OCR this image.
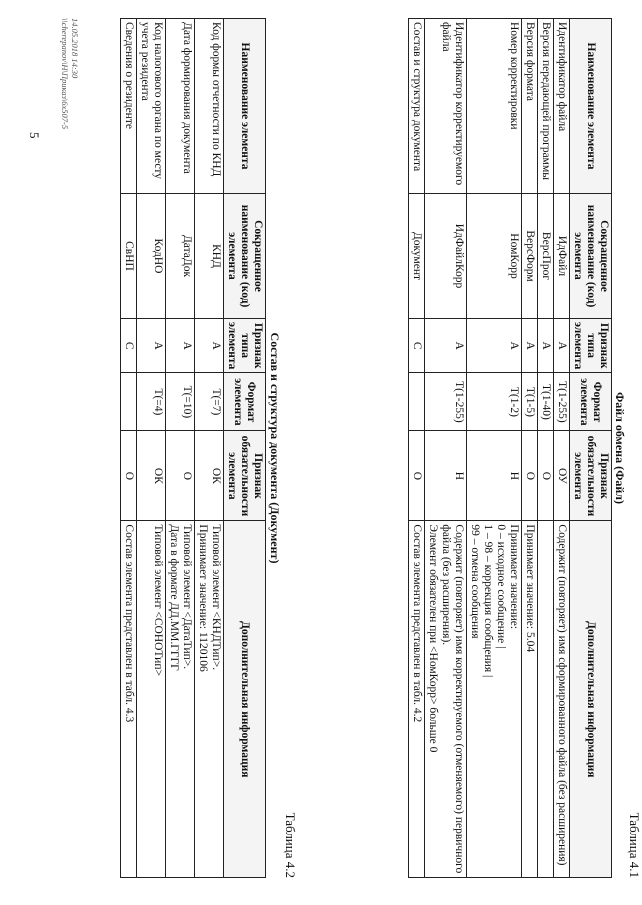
5
Таблица 4.1
Наименование элемента	Сокращенное наименование (код) элемента	Признак типа элемента	Формат элемента	Признак обязательности элемента	Дополнительная информация
Идентификатор файла	ИдФайл	А	Т(1-255)	ОУ	Содержит (повторяет) имя сформированного файла (без расширения)
Версия передающей программы	ВерсПрог	А	Т(1-40)	О	
Версия формата	ВерсФорм	А	Т(1-5)	О	Принимает значение: 5.04
Номер корректировки	НомКорр	А	Т(1-2)	Н	Принимает значение:
0 – исходное сообщение |
1 – 98 – коррекция сообщения |
99 – отмена сообщения
Идентификатор корректируемого файла	ИдФайлКорр	А	Т(1-255)	Н	Содержит (повторяет) имя корректируемого (отменяемого) первичного файла (без расширения).
Элемент обязателен при <НомКорр> больше 0
Состав и структура документа	Документ	С		О	Состав элемента представлен в табл. 4.2
Таблица 4.2
Состав и структура документа (Документ)
Наименование элемента	Сокращенное наименование (код) элемента	Признак типа элемента	Формат элемента	Признак обязательности элемента	Дополнительная информация
Код формы отчетности по КНД	КНД	А	Т(=7)	ОК	Типовой элемент <КНДТип>.
Принимает значение: 1120106
Дата формирования документа	ДатаДок	А	Т(=10)	О	Типовой элемент <ДатаТип>.
Дата в формате ДД.ММ.ГГГГ
Код налогового органа по месту учета резидента	КодНО	А	Т(=4)	ОК	Типовой элемент <СОНОТип>
Сведения о резиденте	СвНП	С		О	Состав элемента представлен в табл. 4.3
Файл обмена (Файл)
14.05.2018 14:30
\\cherepanov\Н\Приказ\6х507-5
